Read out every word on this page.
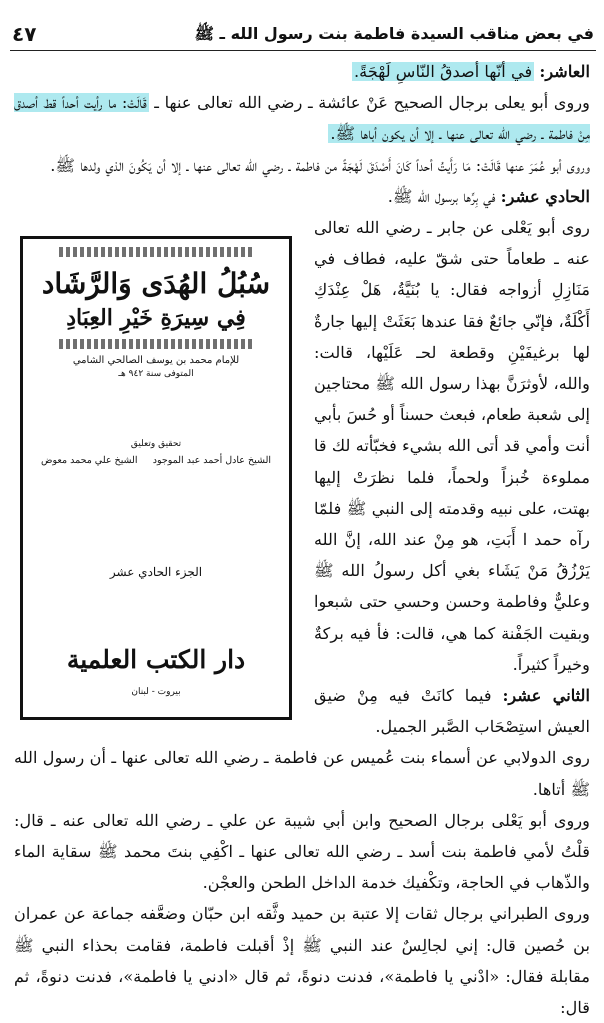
في بعض مناقب السيدة فاطمة بنت رسول الله ـ ﷺ
٤٧

العاشر: في أنّها أصدقُ النّاسِ لَهْجَةً.

وروى أبو يعلى برجال الصحيح عَنْ عائشة ـ رضي الله تعالى عنها ـ قَالَتْ: ما رأيت أحداً قط أصدق مِنْ فاطمة ـ رضي الله تعالى عنها ـ إلا أن يكون أباها ﷺ.

وروى أبو عُمَرَ عنها قَالَتْ: مَا رَأَيتُ أحداً كَانَ أَصْدَقَ لَهْجَةً من فاطمة ـ رضي الله تعالى عنها ـ إلا أن يَكُونَ الذي ولدها ﷺ.

الحادي عشر: في بِرِّها برسول الله ﷺ.

روى أبو يَعْلى عن جابر ـ رضي الله تعالى عنه ـ طعاماً حتى شقّ عليه، فطاف في مَنَازِلِ أزواجه فقال: يا بُنَيَّةُ، هَلْ عِنْدَكِ أَكْلَةٌ، فإنّي جائعٌ فقا عندها بَعَثَتْ إليها جارةٌ لها برغيفَيْنِ وقطعة لحـ عَلَيْها، قالت: والله، لأوثرَنَّ بهذا رسول الله ﷺ محتاجين إلى شعبة طعام، فبعث حسناً أو حُسَ بأبي أنت وأمي قد أتى الله بشيء فخبّأته لك قا مملوءة خُبزاً ولحماً، فلما نظرَتْ إليها بهتت، على نبيه وقدمته إلى النبي ﷺ فلمّا رآه حمد ا أَبَتِ، هو مِنْ عند الله، إنَّ الله يَرْزُقُ مَنْ يَشَاء بغي أكل رسولُ الله ﷺ وعليٌّ وفاطمة وحسن وحسي حتى شبعوا وبقيت الجَفْنة كما هي، قالت: فأ فيه بركةٌ وخيراً كثيراً.

الثاني عشر: فيما كانَتْ فيه مِنْ ضيق العيش استِصْحَاب الصَّبر الجميل.

روى الدولابي عن أسماء بنت عُميس عن فاطمة ـ رضي الله تعالى عنها ـ أن رسول الله ﷺ أتاها.

وروى أبو يَعْلى برجال الصحيح وابن أبي شيبة عن علي ـ رضي الله تعالى عنه ـ قال: قلْتُ لأمي فاطمة بنت أسد ـ رضي الله تعالى عنها ـ اكْفِي بنتَ محمد ﷺ سقاية الماء والذّهاب في الحاجة، وتكْفيك خدمة الداخل الطحن والعجْن.

وروى الطبراني برجال ثقات إلا عتبة بن حميد وثَّقه ابن حبّان وضعَّفه جماعة عن عمران بن حُصين قال: إني لجالِسٌ عند النبي ﷺ إذْ أقبلت فاطمة، فقامت بحذاء النبي ﷺ مقابلة فقال: «ادْني يا فاطمة»، فدنت دنوةً، ثم قال «ادني يا فاطمة»، فدنت دنوةً، ثم قال:

سُبُلُ الهُدَى وَالرَّشَاد
فِي سِيرَةِ خَيْرِ العِبَادِ
للإمام محمد بن يوسف الصالحي الشامي
المتوفى سنة ٩٤٢ هـ
تحقيق وتعليق
الشيخ عادل أحمد عبد الموجود
الشيخ علي محمد معوض
الجزء الحادي عشر
دار الكتب العلمية
بيروت - لبنان
